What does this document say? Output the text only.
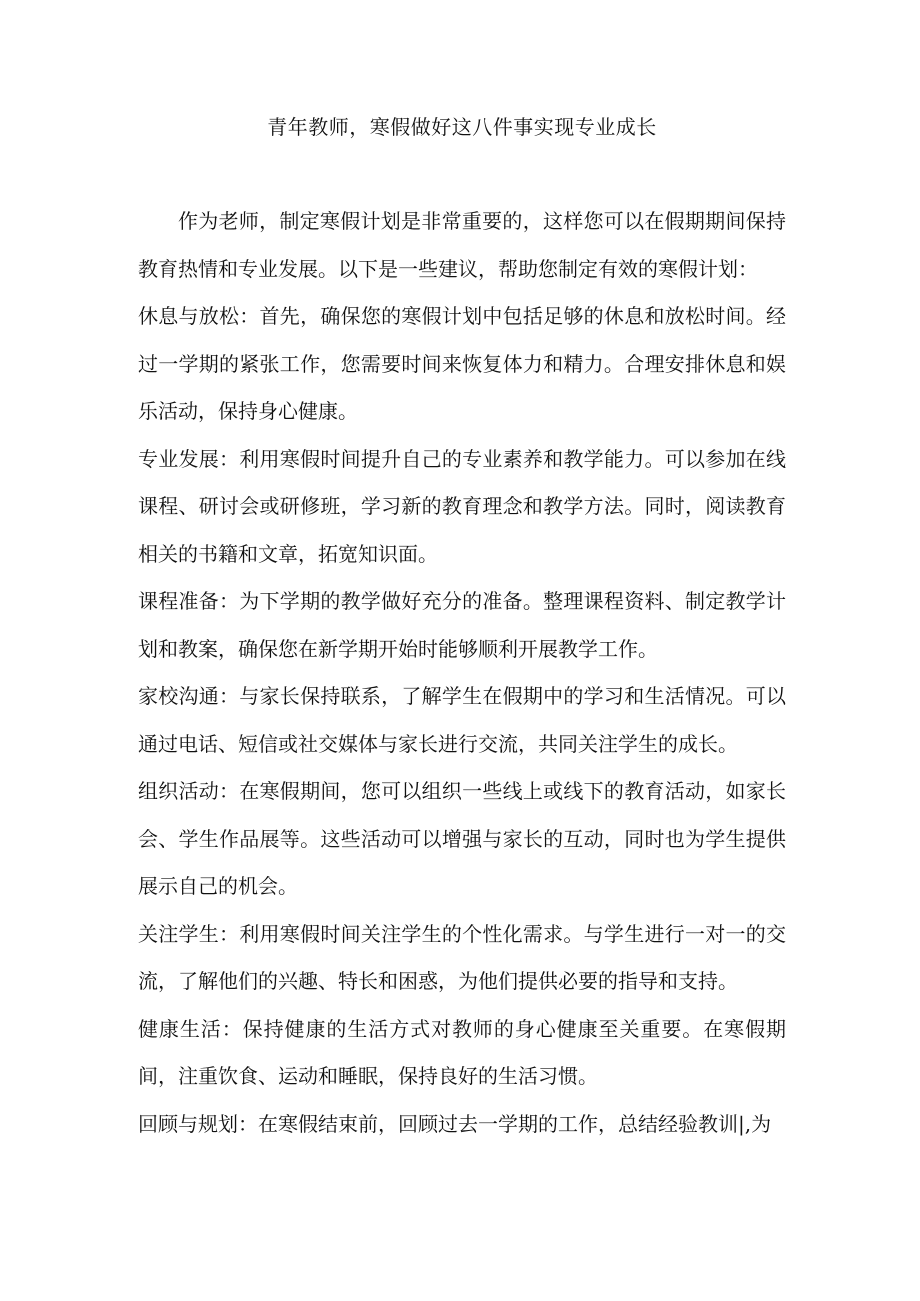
青年教师，寒假做好这八件事实现专业成长

作为老师，制定寒假计划是非常重要的，这样您可以在假期期间保持教育热情和专业发展。以下是一些建议，帮助您制定有效的寒假计划：

休息与放松：首先，确保您的寒假计划中包括足够的休息和放松时间。经过一学期的紧张工作，您需要时间来恢复体力和精力。合理安排休息和娱乐活动，保持身心健康。

专业发展：利用寒假时间提升自己的专业素养和教学能力。可以参加在线课程、研讨会或研修班，学习新的教育理念和教学方法。同时，阅读教育相关的书籍和文章，拓宽知识面。

课程准备：为下学期的教学做好充分的准备。整理课程资料、制定教学计划和教案，确保您在新学期开始时能够顺利开展教学工作。

家校沟通：与家长保持联系，了解学生在假期中的学习和生活情况。可以通过电话、短信或社交媒体与家长进行交流，共同关注学生的成长。

组织活动：在寒假期间，您可以组织一些线上或线下的教育活动，如家长会、学生作品展等。这些活动可以增强与家长的互动，同时也为学生提供展示自己的机会。

关注学生：利用寒假时间关注学生的个性化需求。与学生进行一对一的交流，了解他们的兴趣、特长和困惑，为他们提供必要的指导和支持。

健康生活：保持健康的生活方式对教师的身心健康至关重要。在寒假期间，注重饮食、运动和睡眠，保持良好的生活习惯。

回顾与规划：在寒假结束前，回顾过去一学期的工作，总结经验教训|,为
